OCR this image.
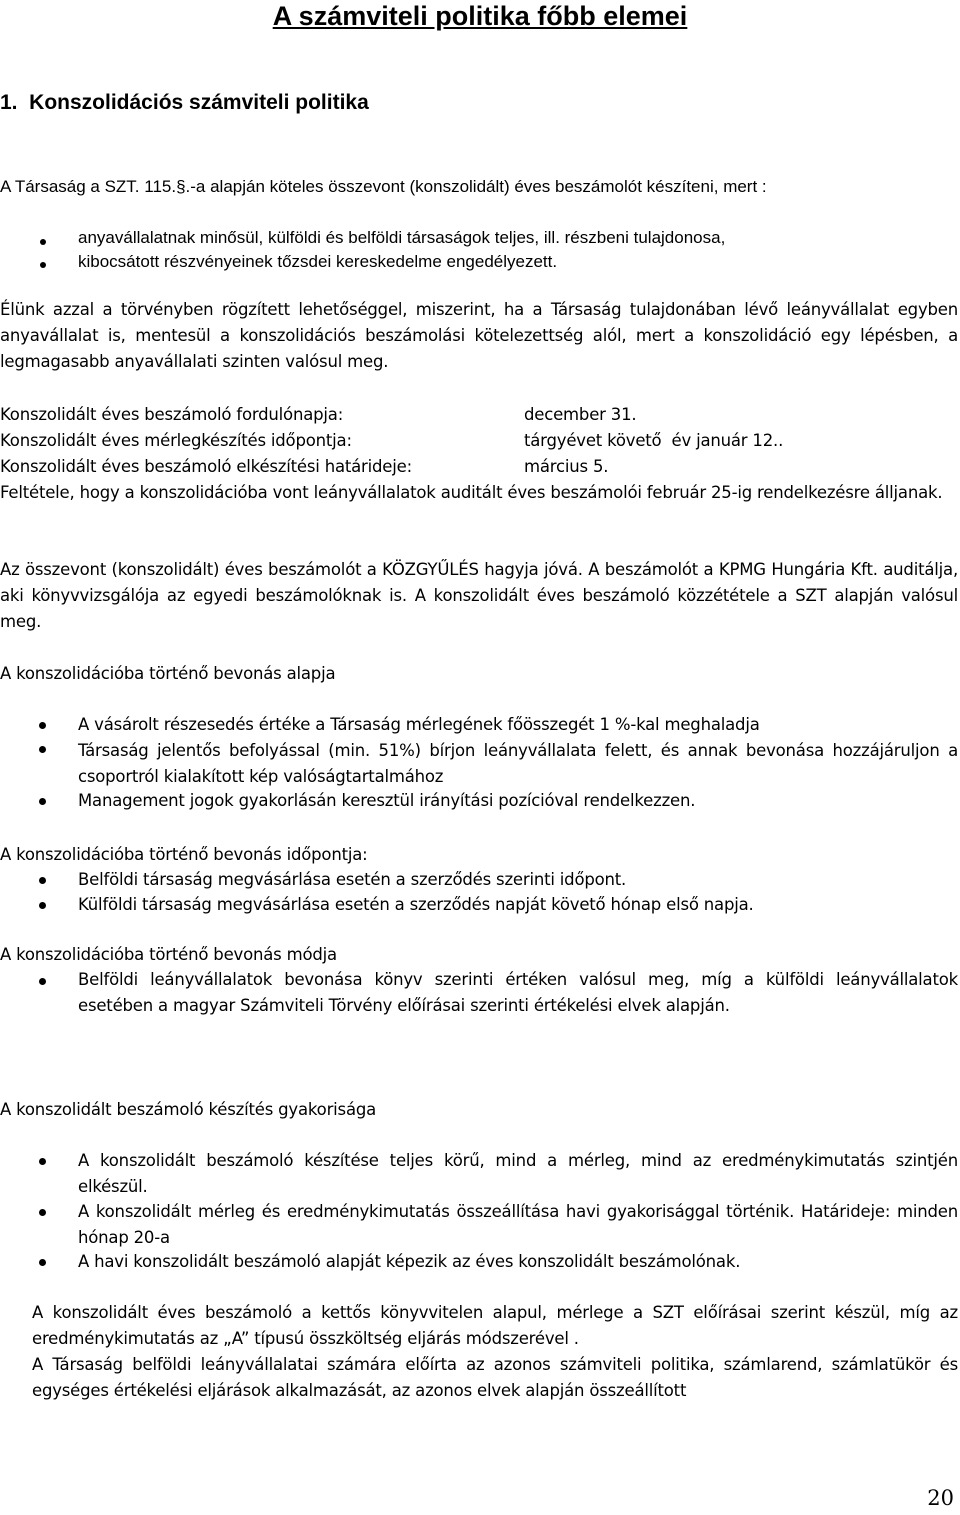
A számviteli politika főbb elemei
1.  Konszolidációs számviteli politika
A Társaság a SZT. 115.§.-a alapján köteles összevont (konszolidált) éves beszámolót készíteni, mert :
anyavállalatnak minősül, külföldi és belföldi társaságok teljes, ill. részbeni tulajdonosa,
kibocsátott részvényeinek tőzsdei kereskedelme engedélyezett.
Élünk azzal a törvényben rögzített lehetőséggel, miszerint, ha a Társaság tulajdonában lévő leányvállalat egyben anyavállalat is, mentesül a konszolidációs beszámolási kötelezettség alól, mert a konszolidáció egy lépésben, a legmagasabb anyavállalati szinten valósul meg.
Konszolidált éves beszámoló fordulónapja:	december 31.
Konszolidált éves mérlegkészítés időpontja:	tárgyévet követő  év január 12..
Konszolidált éves beszámoló elkészítési határideje:	március 5.
Feltétele, hogy a konszolidációba vont leányvállalatok auditált éves beszámolói február 25-ig rendelkezésre álljanak.
Az összevont (konszolidált) éves beszámolót a KÖZGYŰLÉS hagyja jóvá. A beszámolót a KPMG Hungária Kft. auditálja, aki könyvvizsgálója az egyedi beszámolóknak is. A konszolidált éves beszámoló közzététele a SZT alapján valósul meg.
A konszolidációba történő bevonás alapja
A vásárolt részesedés értéke a Társaság mérlegének főösszegét 1 %-kal meghaladja
Társaság jelentős befolyással (min. 51%) bírjon leányvállalata felett, és annak bevonása hozzájáruljon a csoportról kialakított kép valóságtartalmához
Management jogok gyakorlásán keresztül irányítási pozícióval rendelkezzen.
A konszolidációba történő bevonás időpontja:
Belföldi társaság megvásárlása esetén a szerződés szerinti időpont.
Külföldi társaság megvásárlása esetén a szerződés napját követő hónap első napja.
A konszolidációba történő bevonás módja
Belföldi leányvállalatok bevonása könyv szerinti értéken valósul meg, míg a külföldi leányvállalatok esetében a magyar Számviteli Törvény előírásai szerinti értékelési elvek alapján.
A konszolidált beszámoló készítés gyakorisága
A konszolidált beszámoló készítése teljes körű, mind a mérleg, mind az eredménykimutatás szintjén elkészül.
A konszolidált mérleg és eredménykimutatás összeállítása havi gyakorisággal történik. Határideje: minden hónap 20-a
A havi konszolidált beszámoló alapját képezik az éves konszolidált beszámolónak.
A konszolidált éves beszámoló a kettős könyvvitelen alapul, mérlege a SZT előírásai szerint készül, míg az eredménykimutatás az „A” típusú összköltség eljárás módszerével .
A Társaság belföldi leányvállalatai számára előírta az azonos számviteli politika, számlarend, számlatükör és egységes értékelési eljárások alkalmazását, az azonos elvek alapján összeállított
20
